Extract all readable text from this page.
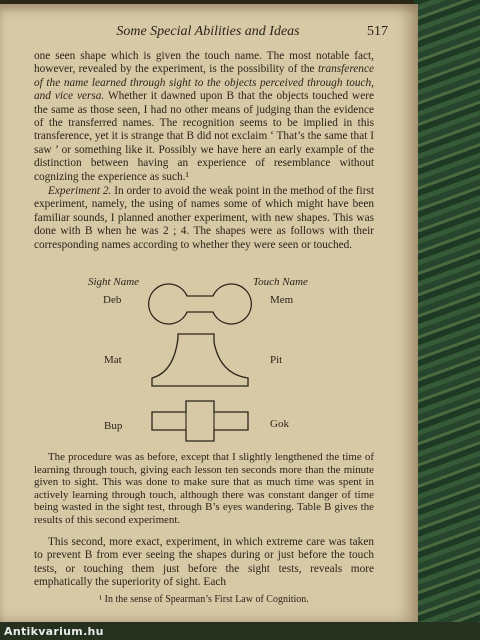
Some Special Abilities and Ideas	517

one seen shape which is given the touch name. The most notable fact, however, revealed by the experiment, is the possibility of the transference of the name learned through sight to the objects perceived through touch, and vice versa. Whether it dawned upon B that the objects touched were the same as those seen, I had no other means of judging than the evidence of the transferred names. The recognition seems to be implied in this transference, yet it is strange that B did not exclaim ‘ That’s the same that I saw ’ or something like it. Possibly we have here an early example of the distinction between having an experience of resemblance without cognizing the experience as such.¹

Experiment 2. In order to avoid the weak point in the method of the first experiment, namely, the using of names some of which might have been familiar sounds, I planned another experiment, with new shapes. This was done with B when he was 2 ; 4. The shapes were as follows with their corresponding names according to whether they were seen or touched.

Sight Name	Touch Name
Deb	Mem
Mat	Pit
Bup	Gok

The procedure was as before, except that I slightly lengthened the time of learning through touch, giving each lesson ten seconds more than the minute given to sight. This was done to make sure that as much time was spent in actively learning through touch, although there was constant danger of time being wasted in the sight test, through B’s eyes wandering. Table B gives the results of this second experiment.

This second, more exact, experiment, in which extreme care was taken to prevent B from ever seeing the shapes during or just before the touch tests, or touching them just before the sight tests, reveals more emphatically the superiority of sight. Each

¹ In the sense of Spearman’s First Law of Cognition.
Antikvarium.hu
